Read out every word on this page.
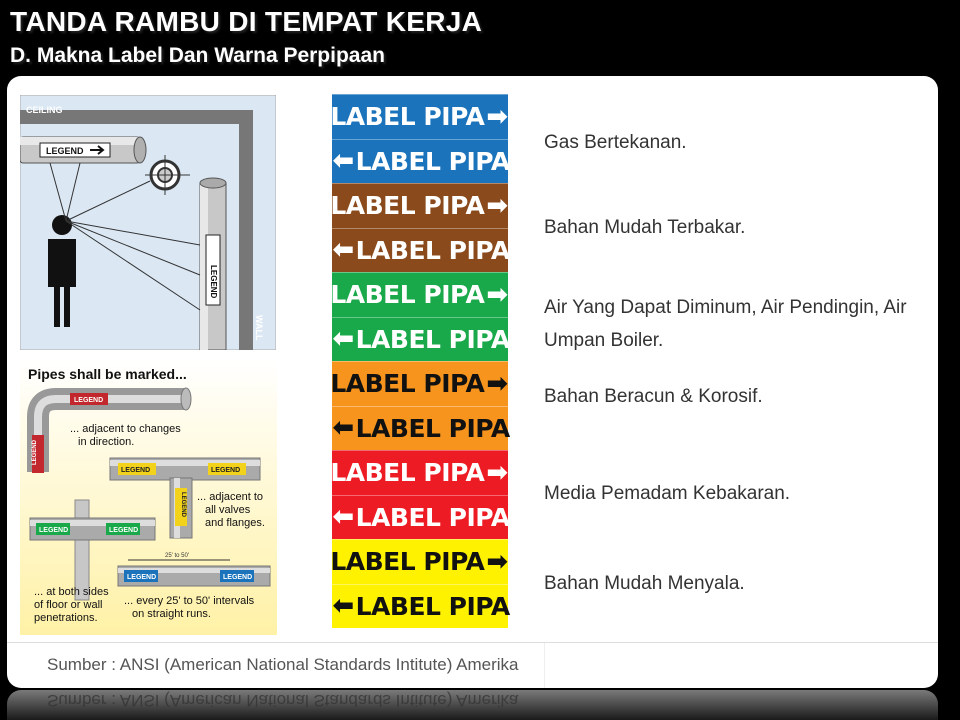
TANDA RAMBU DI TEMPAT KERJA
D. Makna Label Dan Warna Perpipaan
CEILING
WALL
LEGEND
LEGEND
Pipes shall be marked...
LEGEND
LEGEND
... adjacent to changes
in direction.
LEGEND	LEGEND
LEGEND ... adjacent to
all valves
and flanges.
LEGEND	LEGEND
25' to 50'
LEGEND	LEGEND
... at both sides
of floor or wall
penetrations.
... every 25' to 50' intervals
on straight runs.
LABEL PIPA ➡
⬅ LABEL PIPA
LABEL PIPA ➡
⬅ LABEL PIPA
LABEL PIPA ➡
⬅ LABEL PIPA
LABEL PIPA ➡
⬅ LABEL PIPA
LABEL PIPA ➡
⬅ LABEL PIPA
LABEL PIPA ➡
⬅ LABEL PIPA
Gas Bertekanan.
Bahan Mudah Terbakar.
Air Yang Dapat Diminum, Air Pendingin, Air
Umpan Boiler.
Bahan Beracun & Korosif.
Media Pemadam Kebakaran.
Bahan Mudah Menyala.
Sumber : ANSI (American National Standards Intitute) Amerika
Sumber : ANSI (American National Standards Intitute) Amerika
